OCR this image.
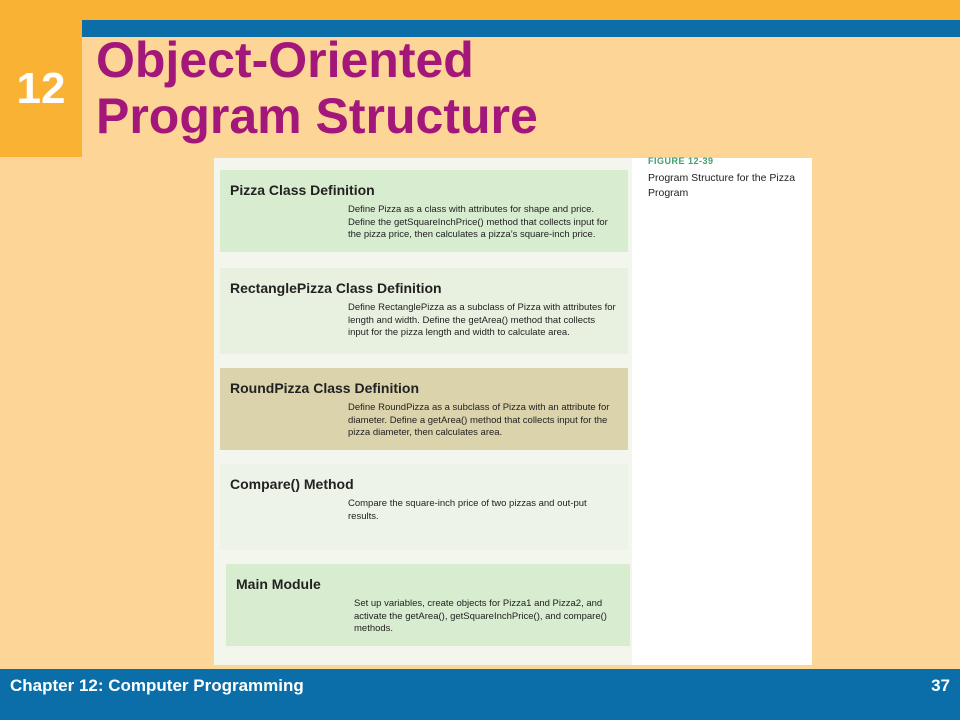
12 Object-Oriented
Program Structure
Pizza Class Definition

Define Pizza as a class with attributes for shape and price. Define the getSquareInchPrice() method that collects input for the pizza price, then calculates a pizza’s square-inch price.

RectanglePizza Class Definition

Define RectanglePizza as a subclass of Pizza with attributes for length and width. Define the getArea() method that collects input for the pizza length and width to calculate area.

RoundPizza Class Definition

Define RoundPizza as a subclass of Pizza with an attribute for diameter. Define a getArea() method that collects input for the pizza diameter, then calculates area.

Compare() Method

Compare the square-inch price of two pizzas and out-put results.

Main Module

Set up variables, create objects for Pizza1 and Pizza2, and activate the getArea(), getSquareInchPrice(), and compare() methods.

FIGURE 12-39
Program Structure for the Pizza Program
Chapter 12: Computer Programming	37
